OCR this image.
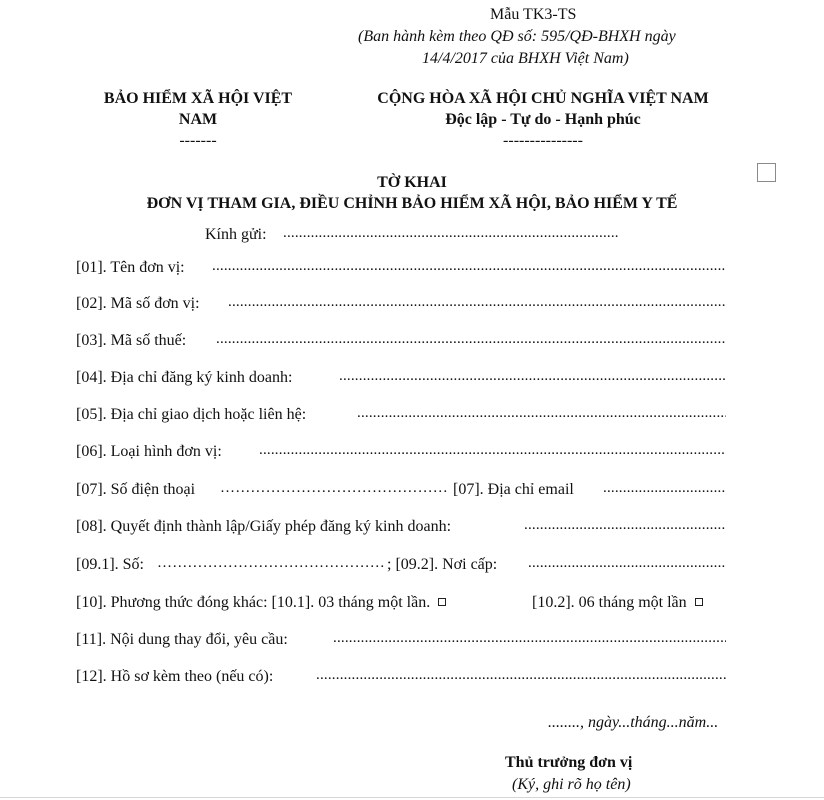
Mẫu TK3-TS
(Ban hành kèm theo QĐ số: 595/QĐ-BHXH ngày
14/4/2017 của BHXH Việt Nam)
BẢO HIỂM XÃ HỘI VIỆT
NAM
-------
CỘNG HÒA XÃ HỘI CHỦ NGHĨA VIỆT NAM
Độc lập - Tự do - Hạnh phúc
---------------
TỜ KHAI
ĐƠN VỊ THAM GIA, ĐIỀU CHỈNH BẢO HIỂM XÃ HỘI, BẢO HIỂM Y TẾ
Kính gửi:
.....
[01]. Tên đơn vị:
.....
[02]. Mã số đơn vị:
.....
[03]. Mã số thuế:
.....
[04]. Địa chỉ đăng ký kinh doanh:
.....
[05]. Địa chỉ giao dịch hoặc liên hệ:
.....
[06]. Loại hình đơn vị:
.....
[07]. Số điện thoại ………………………………………………………………………………	[07]. Địa chỉ email
.....
[08]. Quyết định thành lập/Giấy phép đăng ký kinh doanh:
.....
[09.1]. Số: ………………………………………………………………………………	; [09.2]. Nơi cấp:
.....
[10]. Phương thức đóng khác: [10.1]. 03 tháng một lần.	[10.2]. 06 tháng một lần
[11]. Nội dung thay đổi, yêu cầu:
.....
[12]. Hồ sơ kèm theo (nếu có):
.....
........, ngày...tháng...năm...
Thủ trưởng đơn vị
(Ký, ghi rõ họ tên)
